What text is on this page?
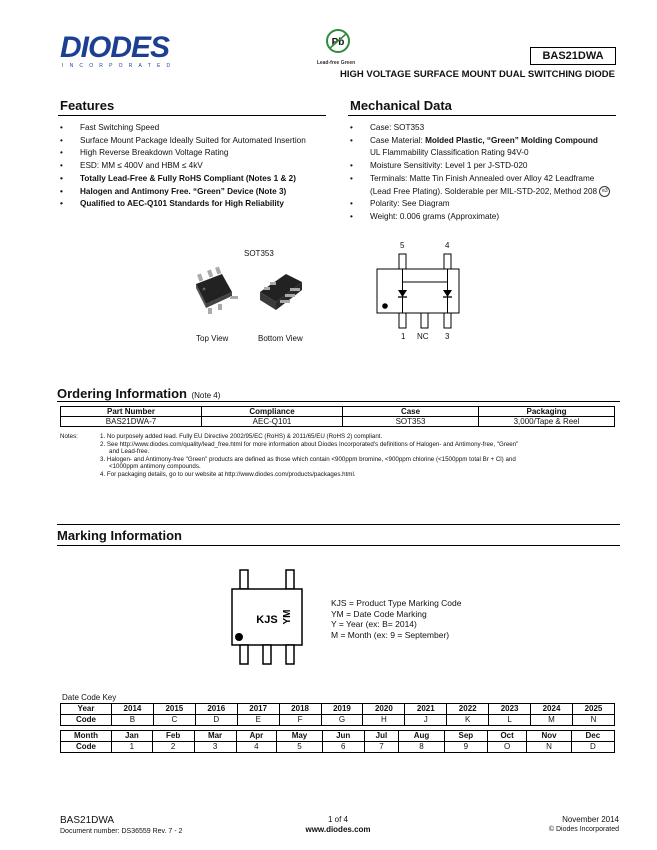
DIODES
INCORPORATED
Pb
Lead-free Green
BAS21DWA
HIGH VOLTAGE SURFACE MOUNT DUAL SWITCHING DIODE
Features
• Fast Switching Speed
• Surface Mount Package Ideally Suited for Automated Insertion
• High Reverse Breakdown Voltage Rating
• ESD: MM ≤ 400V and HBM ≤ 4kV
• Totally Lead-Free & Fully RoHS Compliant (Notes 1 & 2)
• Halogen and Antimony Free. “Green” Device (Note 3)
• Qualified to AEC-Q101 Standards for High Reliability
Mechanical Data
• Case: SOT353
• Case Material: Molded Plastic, “Green” Molding Compound
UL Flammability Classification Rating 94V-0
• Moisture Sensitivity: Level 1 per J-STD-020
• Terminals: Matte Tin Finish Annealed over Alloy 42 Leadframe
(Lead Free Plating). Solderable per MIL-STD-202, Method 208 e3
• Polarity: See Diagram
• Weight: 0.006 grams (Approximate)
SOT353
Top View	Bottom View
5	4
1 NC 3
Ordering Information (Note 4)
Part Number	Compliance	Case	Packaging
BAS21DWA-7	AEC-Q101	SOT353	3,000/Tape & Reel
Notes:	1. No purposely added lead. Fully EU Directive 2002/95/EC (RoHS) & 2011/65/EU (RoHS 2) compliant.
2. See http://www.diodes.com/quality/lead_free.html for more information about Diodes Incorporated’s definitions of Halogen- and Antimony-free, "Green"
and Lead-free.
3. Halogen- and Antimony-free "Green" products are defined as those which contain <900ppm bromine, <900ppm chlorine (<1500ppm total Br + Cl) and
<1000ppm antimony compounds.
4. For packaging details, go to our website at http://www.diodes.com/products/packages.html.
Marking Information
KJS YM
KJS = Product Type Marking Code
YM = Date Code Marking
Y = Year (ex: B= 2014)
M = Month (ex: 9 = September)
Date Code Key
Year	2014	2015	2016	2017	2018	2019	2020	2021	2022	2023	2024	2025
Code	B	C	D	E	F	G	H	J	K	L	M	N
Month	Jan	Feb	Mar	Apr	May	Jun	Jul	Aug	Sep	Oct	Nov	Dec
Code	1	2	3	4	5	6	7	8	9	O	N	D
BAS21DWA
Document number: DS36559 Rev. 7 - 2
1 of 4
www.diodes.com
November 2014
© Diodes Incorporated
